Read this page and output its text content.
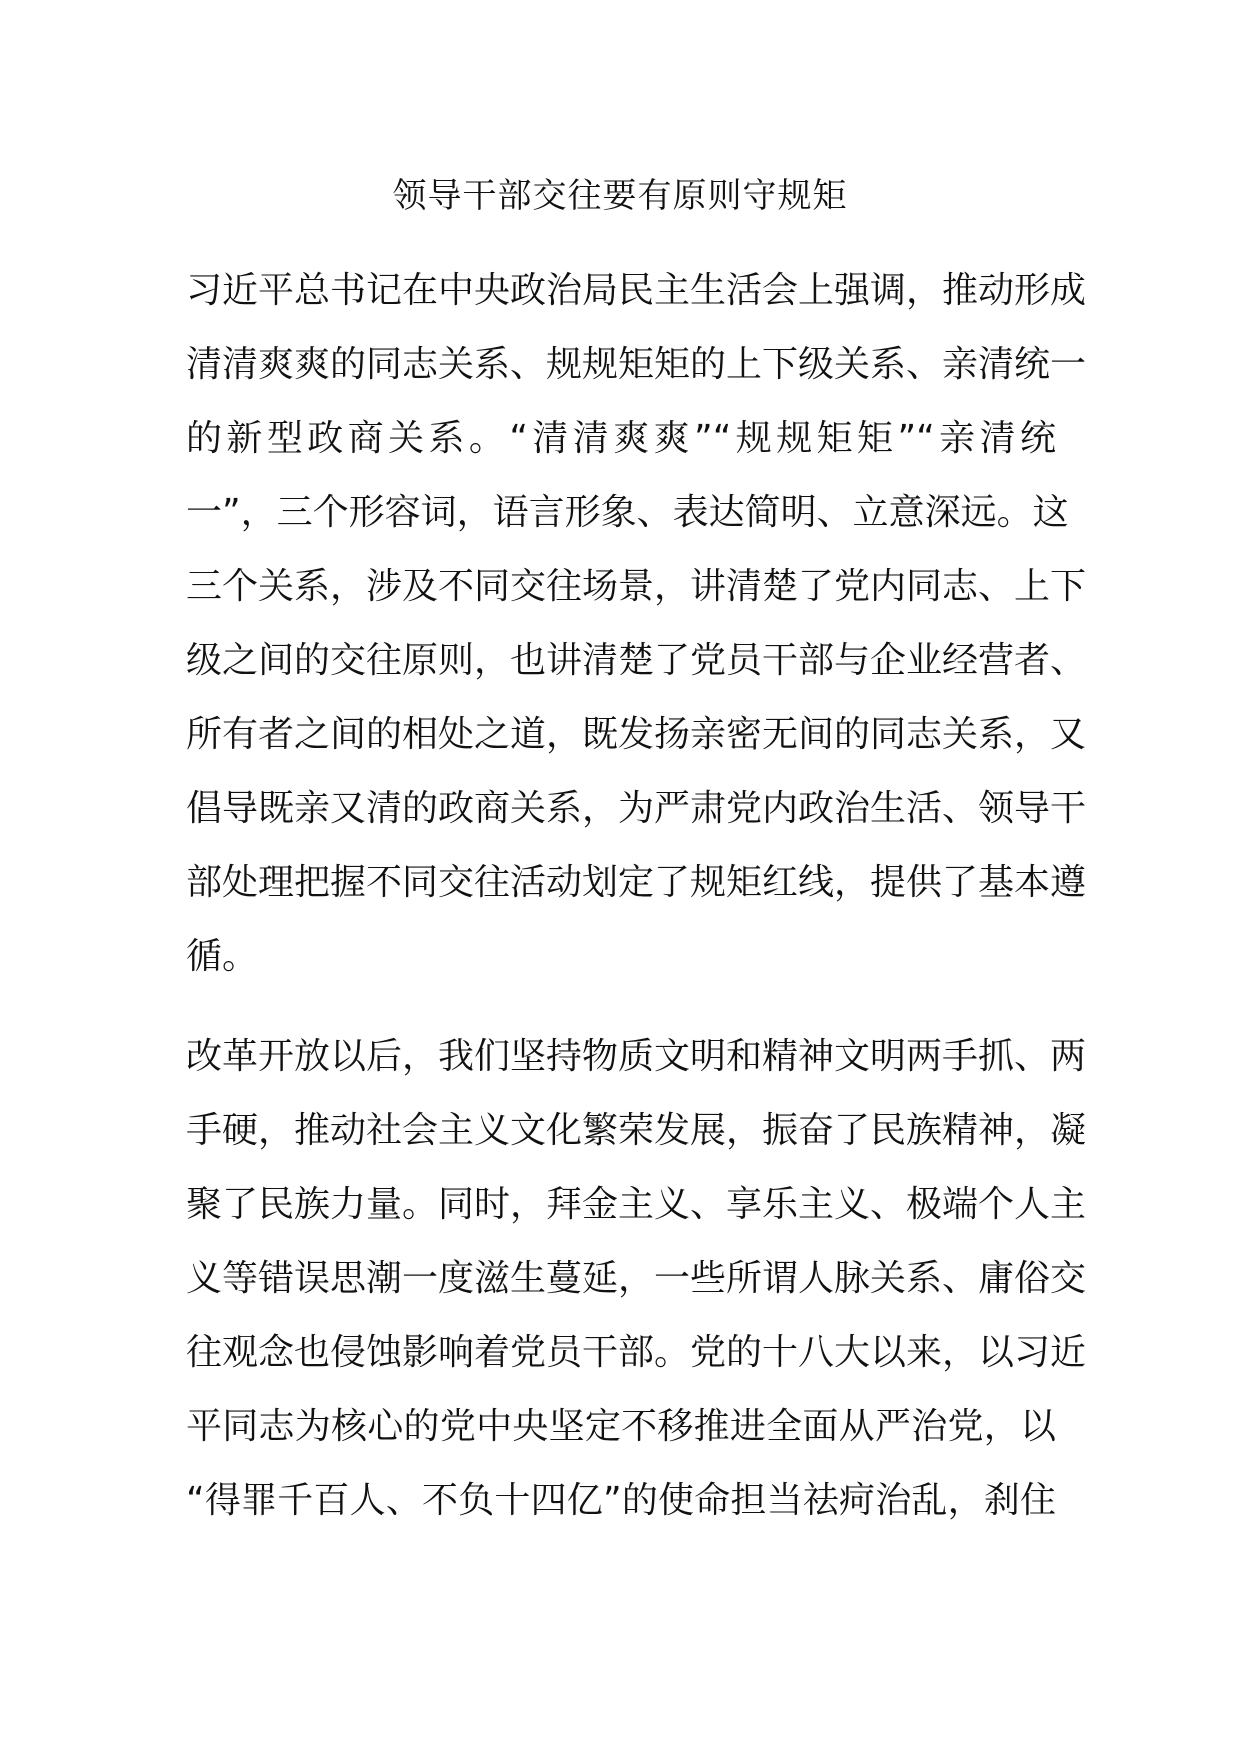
领导干部交往要有原则守规矩
习近平总书记在中央政治局民主生活会上强调，推动形成
清清爽爽的同志关系、规规矩矩的上下级关系、亲清统一
的新型政商关系。“清清爽爽”“规规矩矩”“亲清统
一”，三个形容词，语言形象、表达简明、立意深远。这
三个关系，涉及不同交往场景，讲清楚了党内同志、上下
级之间的交往原则，也讲清楚了党员干部与企业经营者、
所有者之间的相处之道，既发扬亲密无间的同志关系，又
倡导既亲又清的政商关系，为严肃党内政治生活、领导干
部处理把握不同交往活动划定了规矩红线，提供了基本遵
循。
改革开放以后，我们坚持物质文明和精神文明两手抓、两
手硬，推动社会主义文化繁荣发展，振奋了民族精神，凝
聚了民族力量。同时，拜金主义、享乐主义、极端个人主
义等错误思潮一度滋生蔓延，一些所谓人脉关系、庸俗交
往观念也侵蚀影响着党员干部。党的十八大以来，以习近
平同志为核心的党中央坚定不移推进全面从严治党，以
“得罪千百人、不负十四亿”的使命担当祛疴治乱，刹住
